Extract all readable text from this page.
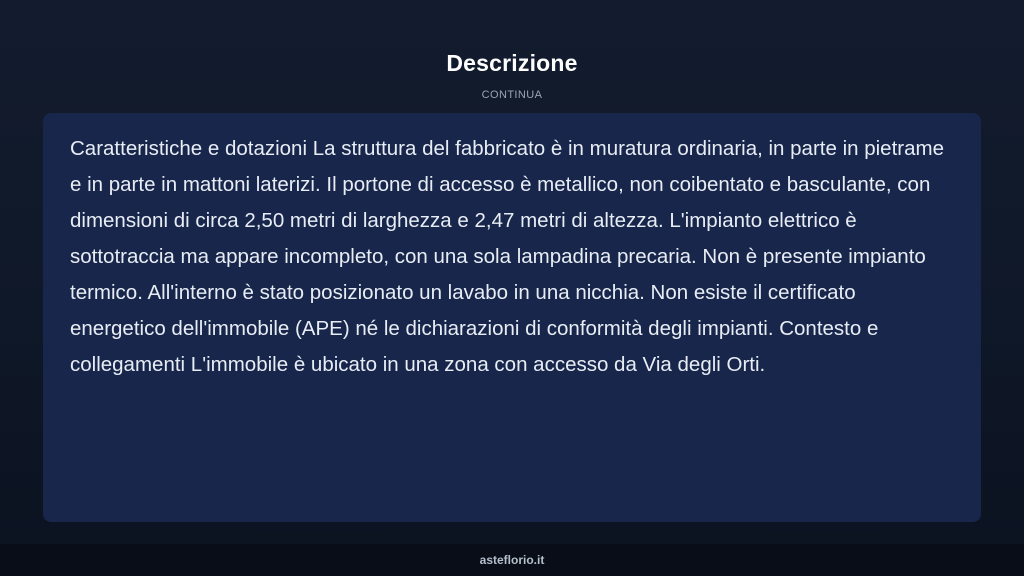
Descrizione
CONTINUA

Caratteristiche e dotazioni La struttura del fabbricato è in muratura ordinaria, in parte in pietrame e in parte in mattoni laterizi. Il portone di accesso è metallico, non coibentato e basculante, con dimensioni di circa 2,50 metri di larghezza e 2,47 metri di altezza. L'impianto elettrico è sottotraccia ma appare incompleto, con una sola lampadina precaria. Non è presente impianto termico. All'interno è stato posizionato un lavabo in una nicchia. Non esiste il certificato energetico dell'immobile (APE) né le dichiarazioni di conformità degli impianti. Contesto e collegamenti L'immobile è ubicato in una zona con accesso da Via degli Orti.

asteflorio.it
